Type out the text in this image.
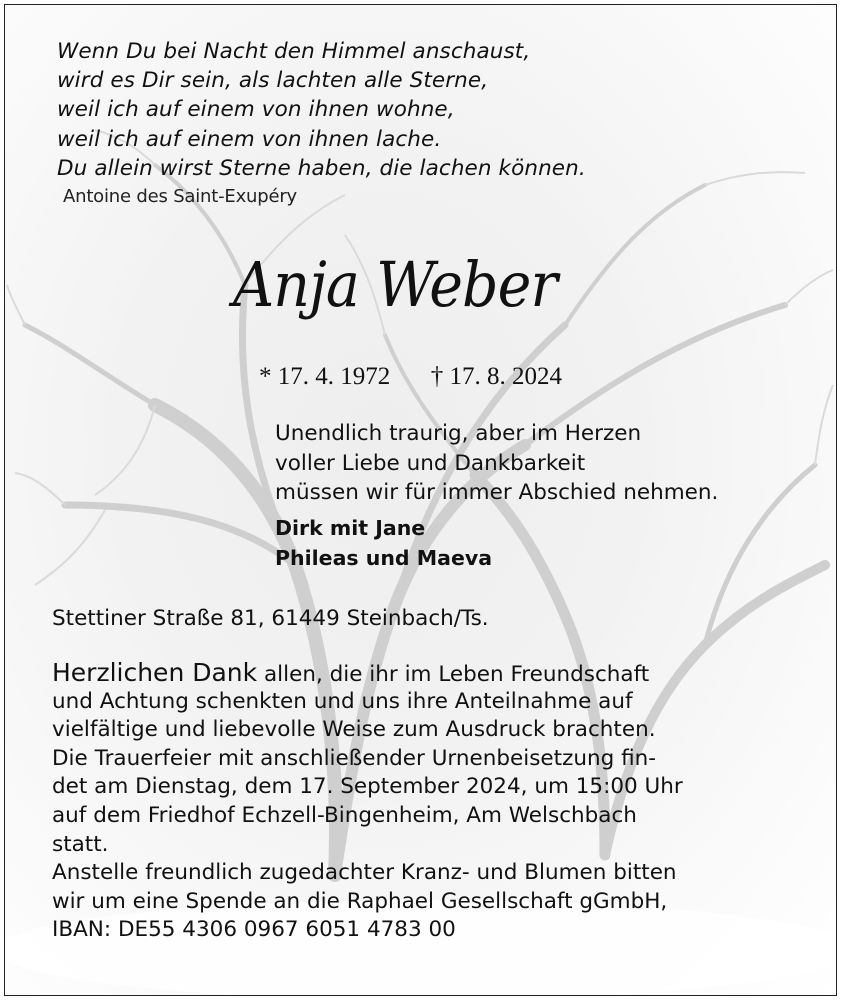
Wenn Du bei Nacht den Himmel anschaust,
wird es Dir sein, als lachten alle Sterne,
weil ich auf einem von ihnen wohne,
weil ich auf einem von ihnen lache.
Du allein wirst Sterne haben, die lachen können.
Antoine des Saint-Exupéry
Anja Weber
* 17. 4. 1972 † 17. 8. 2024
Unendlich traurig, aber im Herzen
voller Liebe und Dankbarkeit
müssen wir für immer Abschied nehmen.
Dirk mit Jane
Phileas und Maeva
Stettiner Straße 81, 61449 Steinbach/Ts.
Herzlichen Dank allen, die ihr im Leben Freundschaft
und Achtung schenkten und uns ihre Anteilnahme auf
vielfältige und liebevolle Weise zum Ausdruck brachten.
Die Trauerfeier mit anschließender Urnenbeisetzung fin-
det am Dienstag, dem 17. September 2024, um 15:00 Uhr
auf dem Friedhof Echzell-Bingenheim, Am Welschbach
statt.
Anstelle freundlich zugedachter Kranz- und Blumen bitten
wir um eine Spende an die Raphael Gesellschaft gGmbH,
IBAN: DE55 4306 0967 6051 4783 00
